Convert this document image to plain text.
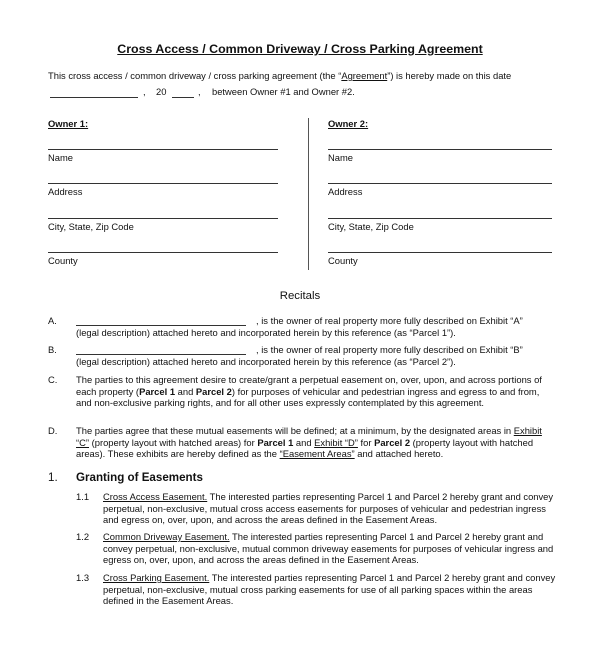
Cross Access / Common Driveway / Cross Parking Agreement
This cross access / common driveway / cross parking agreement (the “Agreement”) is hereby made on this date
, 20	, between Owner #1 and Owner #2.
Owner 1:
Name
Address
City, State, Zip Code
County
Owner 2:
Name
Address
City, State, Zip Code
County
Recitals
A.	, is the owner of real property more fully described on Exhibit “A”
(legal description) attached hereto and incorporated herein by this reference (as “Parcel 1”).
B.	, is the owner of real property more fully described on Exhibit “B”
(legal description) attached hereto and incorporated herein by this reference (as “Parcel 2”).
C. The parties to this agreement desire to create/grant a perpetual easement on, over, upon, and across portions of each property (Parcel 1 and Parcel 2) for purposes of vehicular and pedestrian ingress and egress to and from, and non-exclusive parking rights, and for all other uses expressly contemplated by this agreement.
D. The parties agree that these mutual easements will be defined; at a minimum, by the designated areas in Exhibit “C” (property layout with hatched areas) for Parcel 1 and Exhibit “D” for Parcel 2 (property layout with hatched areas). These exhibits are hereby defined as the “Easement Areas” and attached hereto.
1. Granting of Easements
1.1 Cross Access Easement. The interested parties representing Parcel 1 and Parcel 2 hereby grant and convey perpetual, non-exclusive, mutual cross access easements for purposes of vehicular and pedestrian ingress and egress on, over, upon, and across the areas defined in the Easement Areas.
1.2 Common Driveway Easement. The interested parties representing Parcel 1 and Parcel 2 hereby grant and convey perpetual, non-exclusive, mutual common driveway easements for purposes of vehicular ingress and egress on, over, upon, and across the areas defined in the Easement Areas.
1.3 Cross Parking Easement. The interested parties representing Parcel 1 and Parcel 2 hereby grant and convey perpetual, non-exclusive, mutual cross parking easements for use of all parking spaces within the areas defined in the Easement Areas.
